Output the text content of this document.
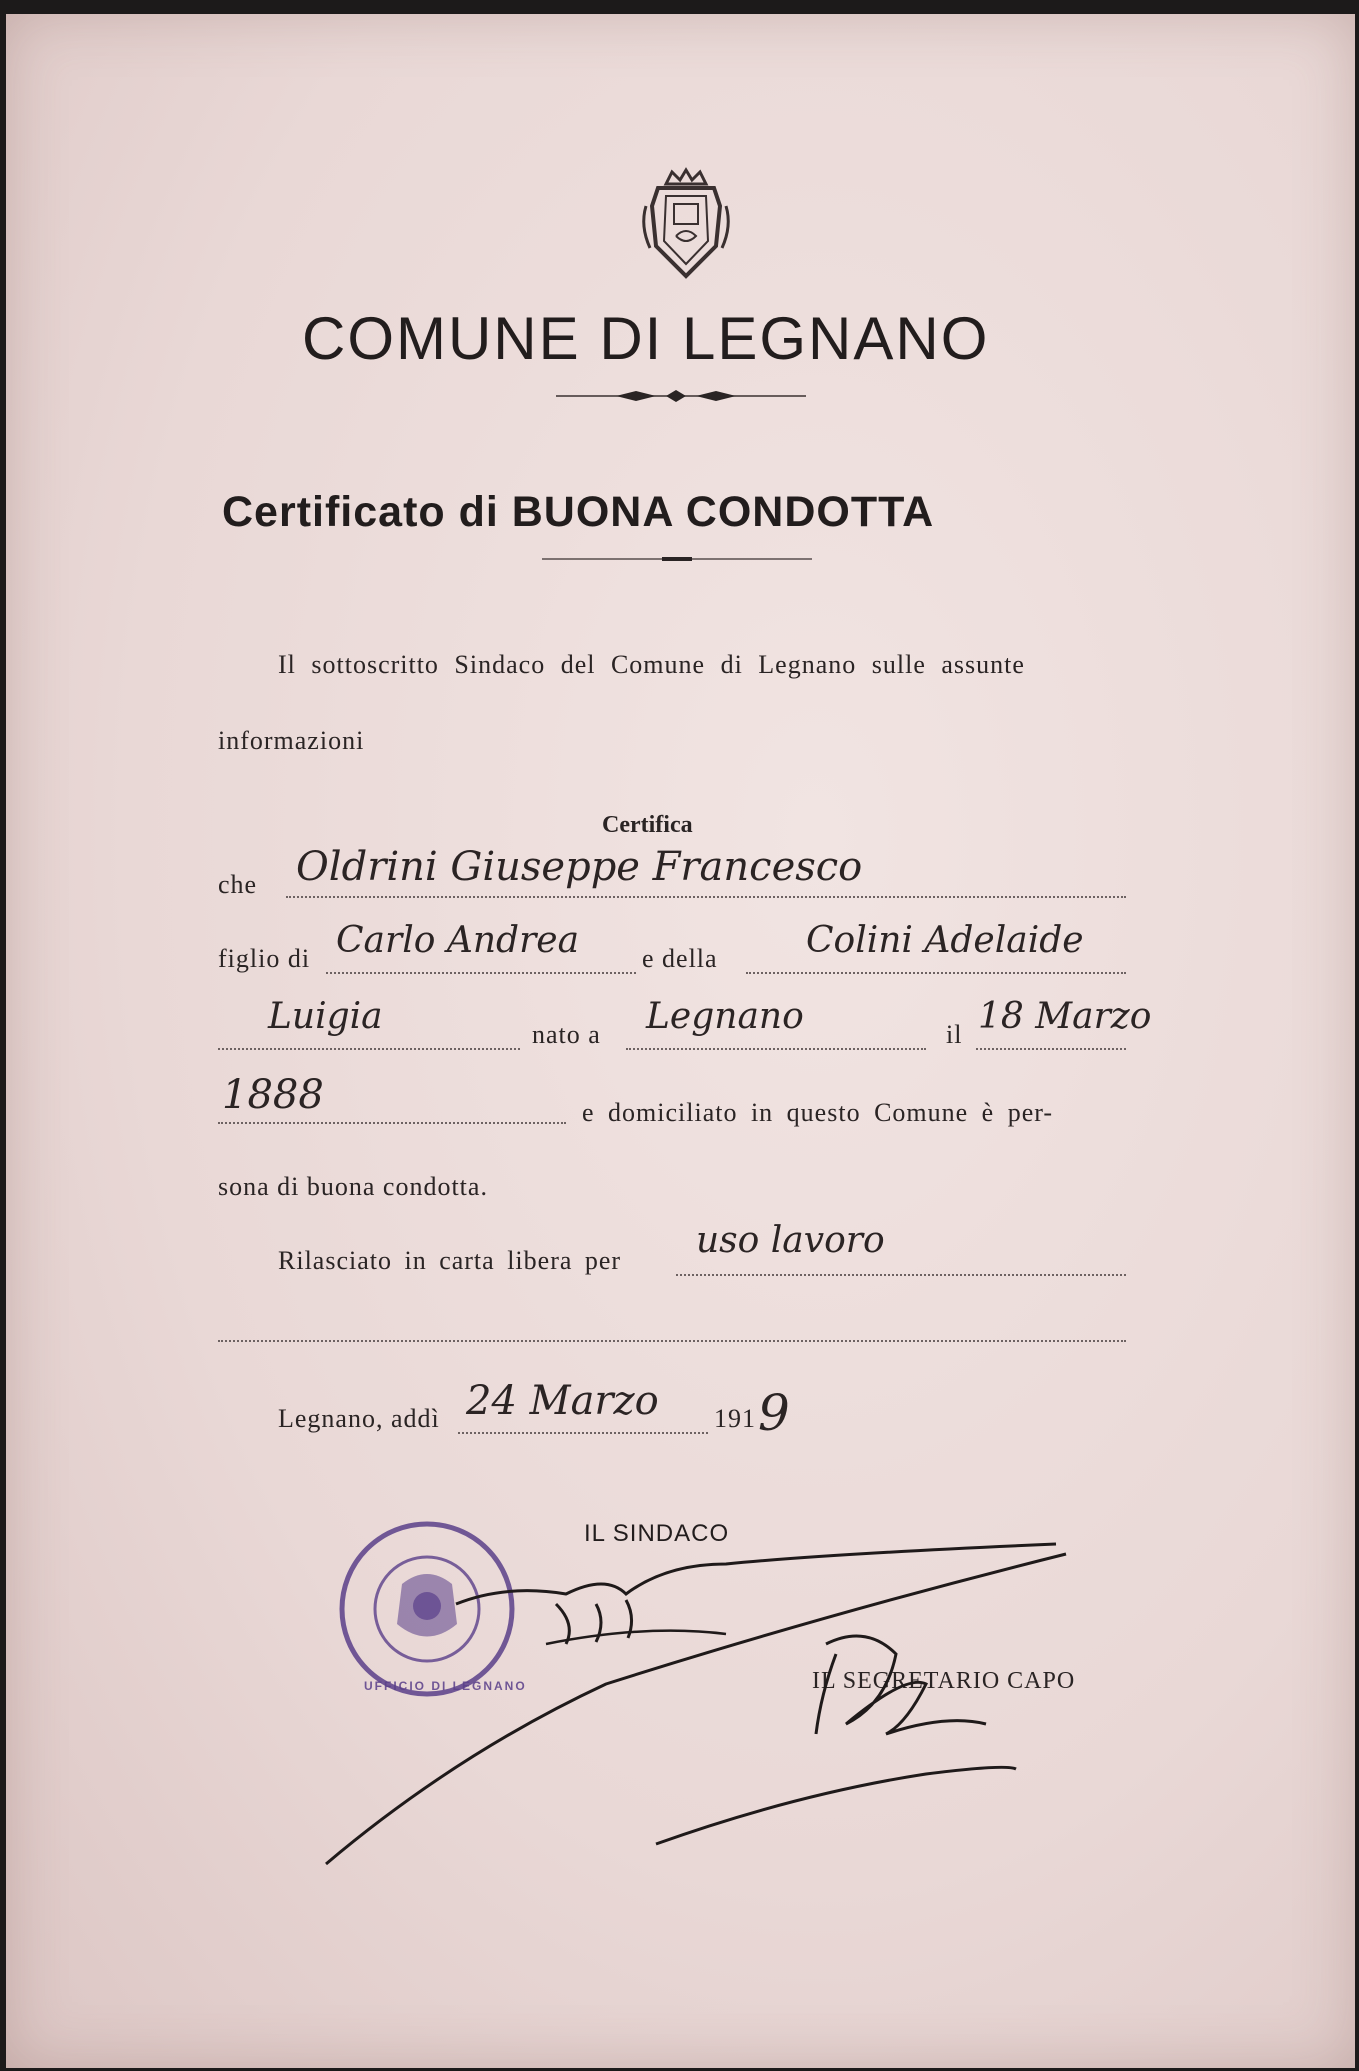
COMUNE DI LEGNANO
Certificato di BUONA CONDOTTA
Il sottoscritto Sindaco del Comune di Legnano sulle assunte
informazioni
Certifica
che Oldrini Giuseppe Francesco
figlio di Carlo Andrea e della Colini Adelaide
Luigia	nato a Legnano	il 18 Marzo
1888	e domiciliato in questo Comune è per-
sona di buona condotta.
Rilasciato in carta libera per uso lavoro
Legnano, addì 24 Marzo 191 9
IL SINDACO
IL SEGRETARIO CAPO
UFFICIO DI LEGNANO
